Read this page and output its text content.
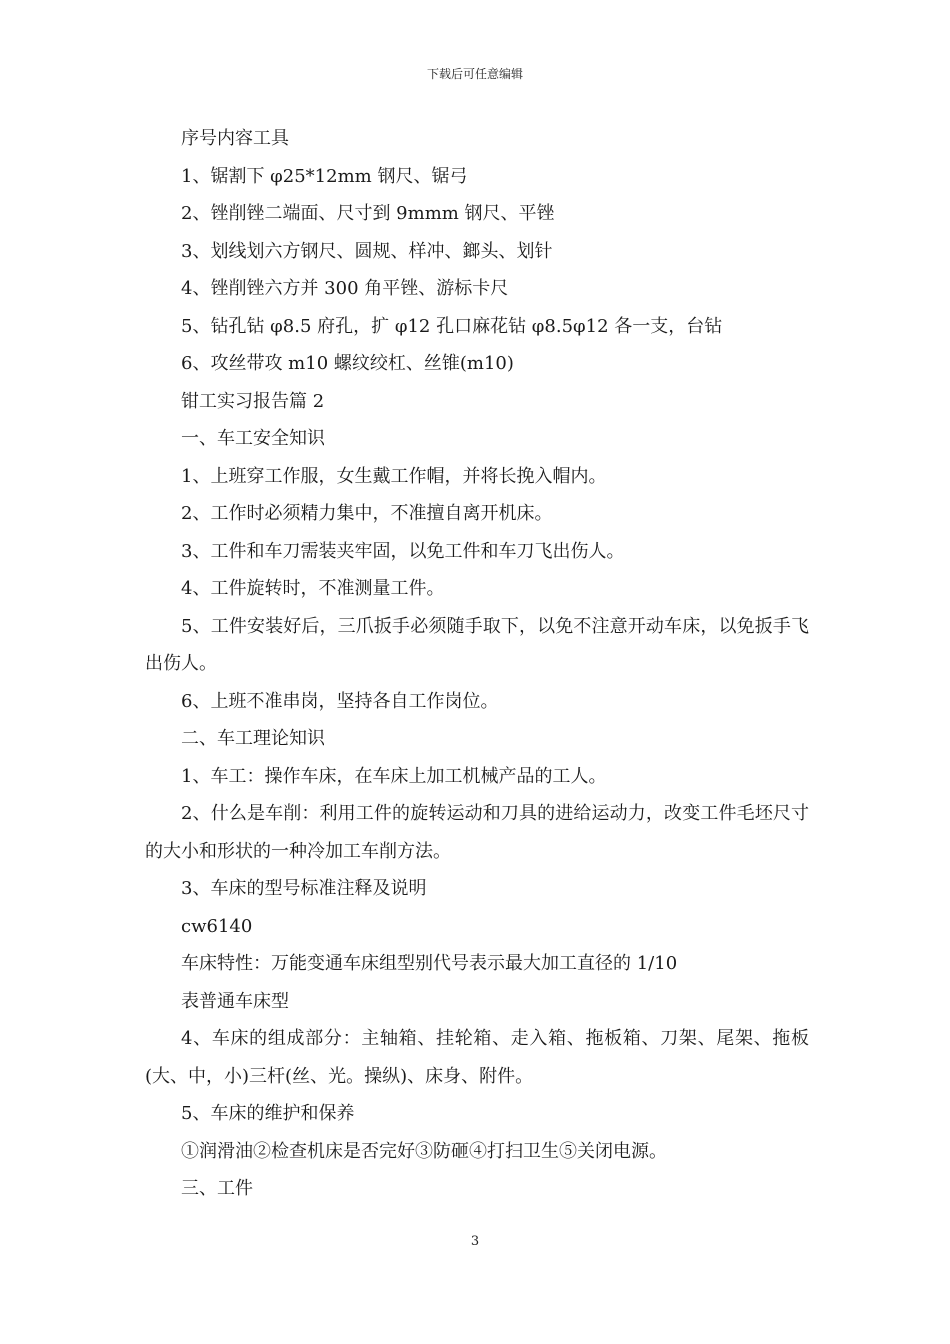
下载后可任意编辑

序号内容工具

1、锯割下 φ25*12mm 钢尺、锯弓

2、锉削锉二端面、尺寸到 9mmm 钢尺、平锉

3、划线划六方钢尺、圆规、样冲、鎯头、划针

4、锉削锉六方并 300 角平锉、游标卡尺

5、钻孔钻 φ8.5 府孔，扩 φ12 孔口麻花钻 φ8.5φ12 各一支，台钻

6、攻丝带攻 m10 螺纹绞杠、丝锥(m10)

钳工实习报告篇 2

一、车工安全知识

1、上班穿工作服，女生戴工作帽，并将长挽入帽内。

2、工作时必须精力集中，不准擅自离开机床。

3、工件和车刀需装夹牢固，以免工件和车刀飞出伤人。

4、工件旋转时，不准测量工件。

5、工件安装好后，三爪扳手必须随手取下，以免不注意开动车床，以免扳手飞出伤人。

6、上班不准串岗，坚持各自工作岗位。

二、车工理论知识

1、车工：操作车床，在车床上加工机械产品的工人。

2、什么是车削：利用工件的旋转运动和刀具的进给运动力，改变工件毛坯尺寸的大小和形状的一种冷加工车削方法。

3、车床的型号标准注释及说明

cw6140

车床特性：万能变通车床组型别代号表示最大加工直径的 1/10

表普通车床型

4、车床的组成部分：主轴箱、挂轮箱、走入箱、拖板箱、刀架、尾架、拖板(大、中，小)三杆(丝、光。操纵)、床身、附件。

5、车床的维护和保养

①润滑油②检查机床是否完好③防砸④打扫卫生⑤关闭电源。

三、工件

3
